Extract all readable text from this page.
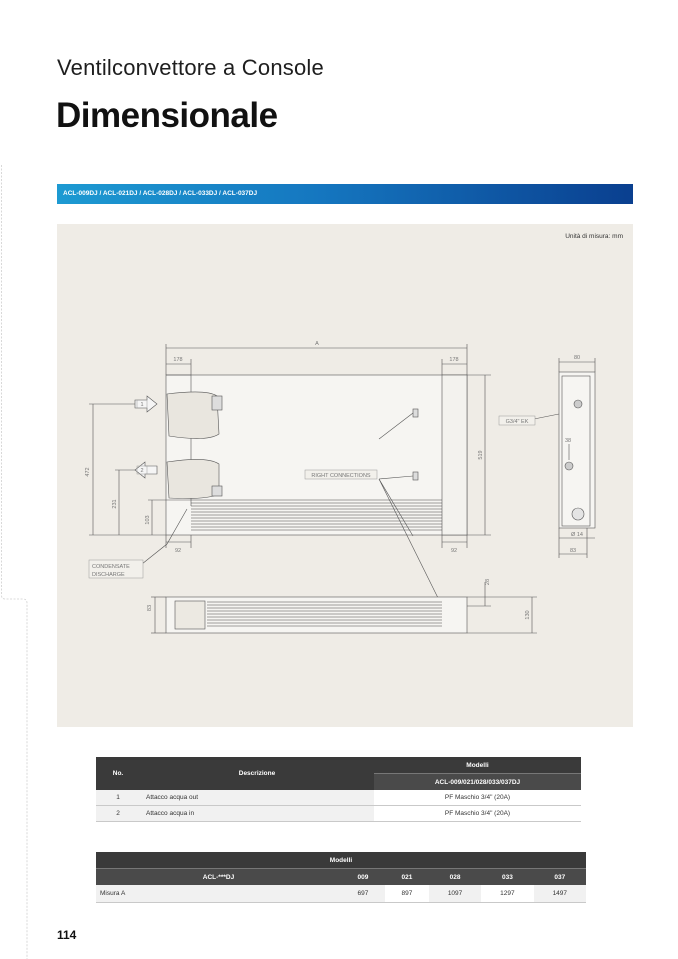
Ventilconvettore a Console
Dimensionale
ACL-009DJ / ACL-021DJ / ACL-028DJ / ACL-033DJ / ACL-037DJ
Unità di misura: mm
A
178	178	80
472
519
231
103
92	92
38
Ø 14
83
28
83
130
1
2
G3/4" EK
RIGHT CONNECTIONS
CONDENSATE
DISCHARGE
No.	Descrizione	Modelli
		ACL-009/021/028/033/037DJ
1	Attacco acqua out	PF Maschio 3/4" (20A)
2	Attacco acqua in	PF Maschio 3/4" (20A)
Modelli					
ACL-***DJ	009	021	028	033	037
Misura A	697	897	1097	1297	1497
114
